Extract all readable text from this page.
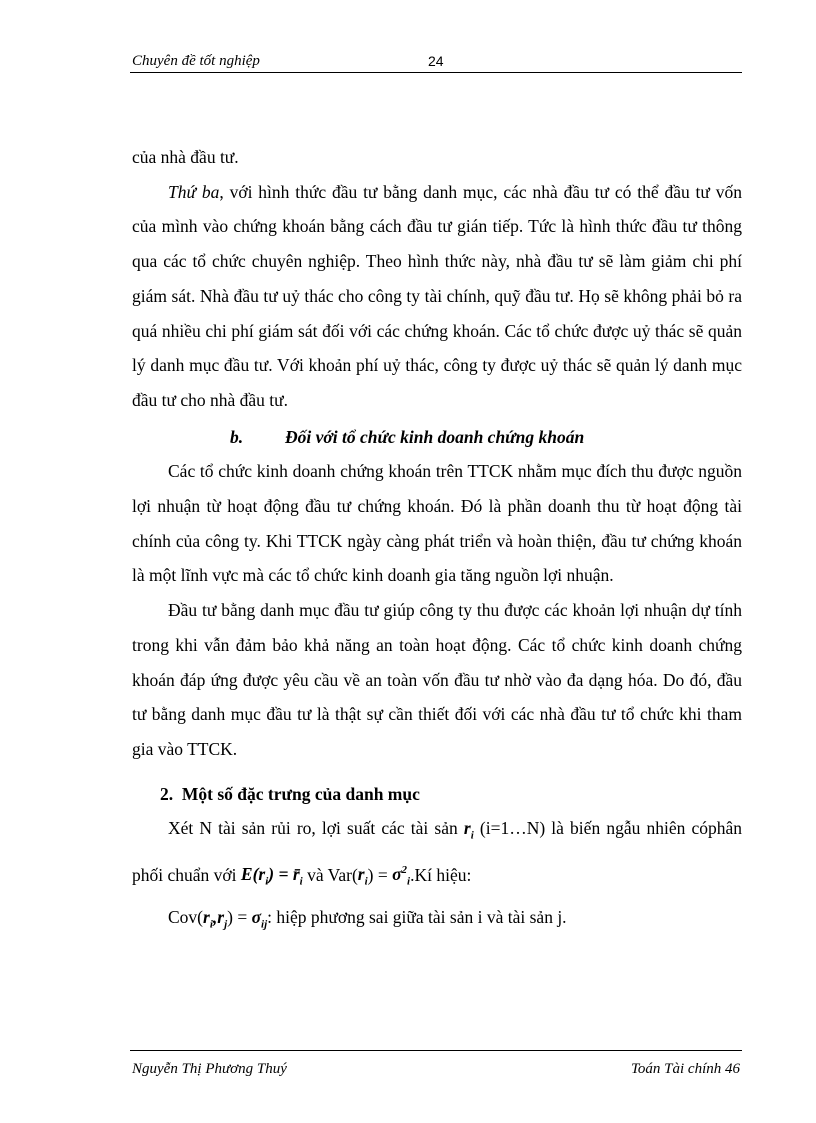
Chuyên đề tốt nghiệp	24

của nhà đầu tư.

Thứ ba, với hình thức đầu tư bằng danh mục, các nhà đầu tư có thể đầu tư vốn của mình vào chứng khoán bằng cách đầu tư gián tiếp. Tức là hình thức đầu tư thông qua các tổ chức chuyên nghiệp. Theo hình thức này, nhà đầu tư sẽ làm giảm chi phí giám sát. Nhà đầu tư uỷ thác cho công ty tài chính, quỹ đầu tư. Họ sẽ không phải bỏ ra quá nhiều chi phí giám sát đối với các chứng khoán. Các tổ chức được uỷ thác sẽ quản lý danh mục đầu tư. Với khoản phí uỷ thác, công ty được uỷ thác sẽ quản lý danh mục đầu tư cho nhà đầu tư.

b. Đối với tổ chức kinh doanh chứng khoán

Các tổ chức kinh doanh chứng khoán trên TTCK nhằm mục đích thu được nguồn lợi nhuận từ hoạt động đầu tư chứng khoán. Đó là phần doanh thu từ hoạt động tài chính của công ty. Khi TTCK ngày càng phát triển và hoàn thiện, đầu tư chứng khoán là một lĩnh vực mà các tổ chức kinh doanh gia tăng nguồn lợi nhuận.

Đầu tư bằng danh mục đầu tư giúp công ty thu được các khoản lợi nhuận dự tính trong khi vẫn đảm bảo khả năng an toàn hoạt động. Các tổ chức kinh doanh chứng khoán đáp ứng được yêu cầu về an toàn vốn đầu tư nhờ vào đa dạng hóa. Do đó, đầu tư bằng danh mục đầu tư là thật sự cần thiết đối với các nhà đầu tư tổ chức khi tham gia vào TTCK.

2. Một số đặc trưng của danh mục

Xét N tài sản rủi ro, lợi suất các tài sản $r_i$ (i=1…N) là biến ngẫu nhiên cóphân phối chuẩn với $E(r_i)$ = $r̄_i$ và $Var(r_i)$ = $\sigma^2_i.Kí$ hiệu:

$Cov(r_i,r_j) = \sigma_{ij}$: hiệp phương sai giữa tài sản i và tài sản j.

Nguyễn Thị Phương Thuý	Toán Tài chính 46
